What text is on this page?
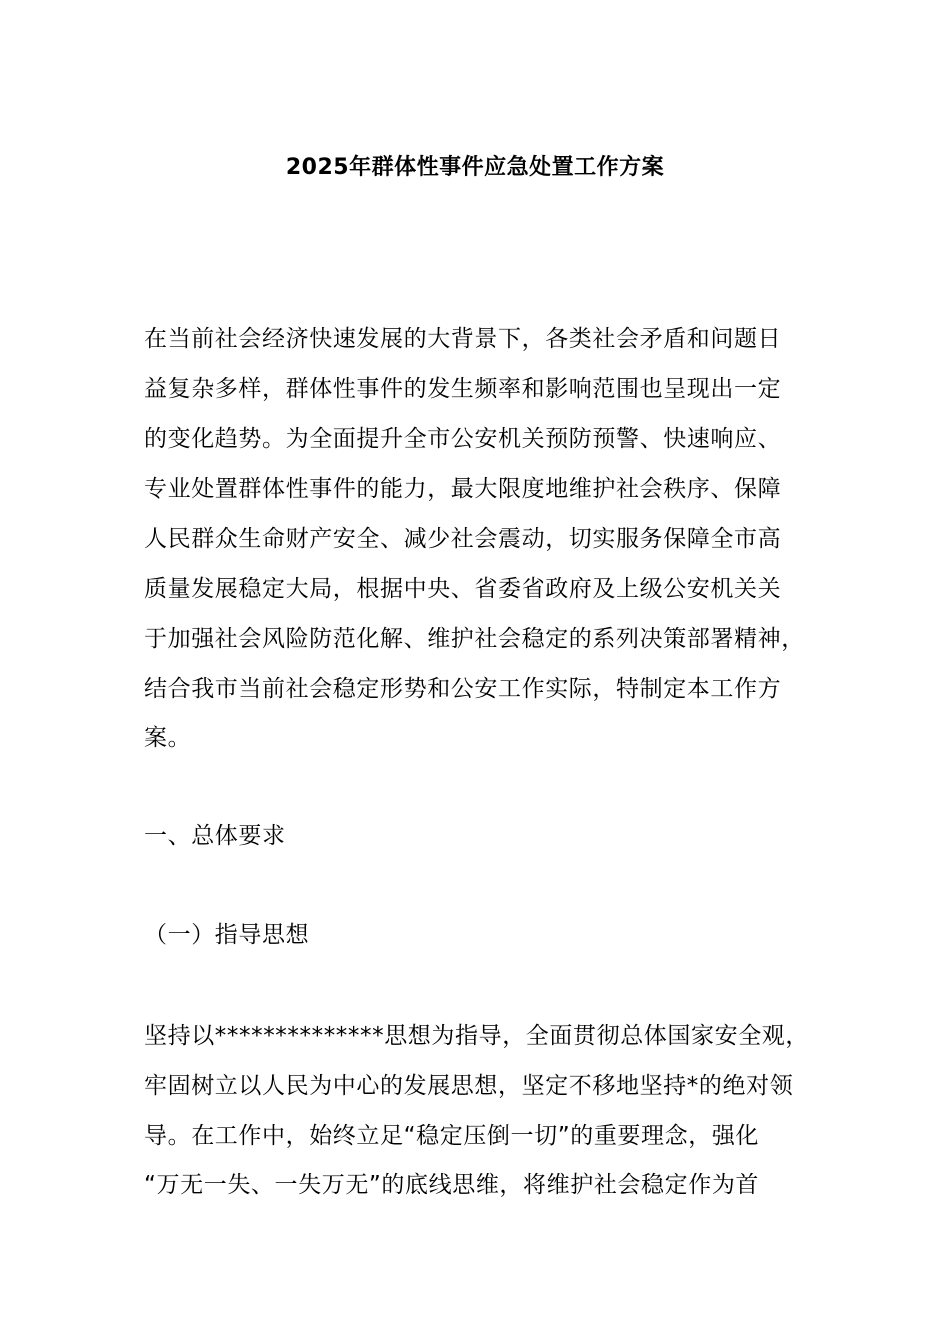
2025年群体性事件应急处置工作方案
在当前社会经济快速发展的大背景下，各类社会矛盾和问题日
益复杂多样，群体性事件的发生频率和影响范围也呈现出一定
的变化趋势。为全面提升全市公安机关预防预警、快速响应、
专业处置群体性事件的能力，最大限度地维护社会秩序、保障
人民群众生命财产安全、减少社会震动，切实服务保障全市高
质量发展稳定大局，根据中央、省委省政府及上级公安机关关
于加强社会风险防范化解、维护社会稳定的系列决策部署精神，
结合我市当前社会稳定形势和公安工作实际，特制定本工作方
案。
一、总体要求
（一）指导思想
坚持以**************思想为指导，全面贯彻总体国家安全观，
牢固树立以人民为中心的发展思想，坚定不移地坚持*的绝对领
导。在工作中，始终立足“稳定压倒一切”的重要理念，强化
“万无一失、一失万无”的底线思维，将维护社会稳定作为首
